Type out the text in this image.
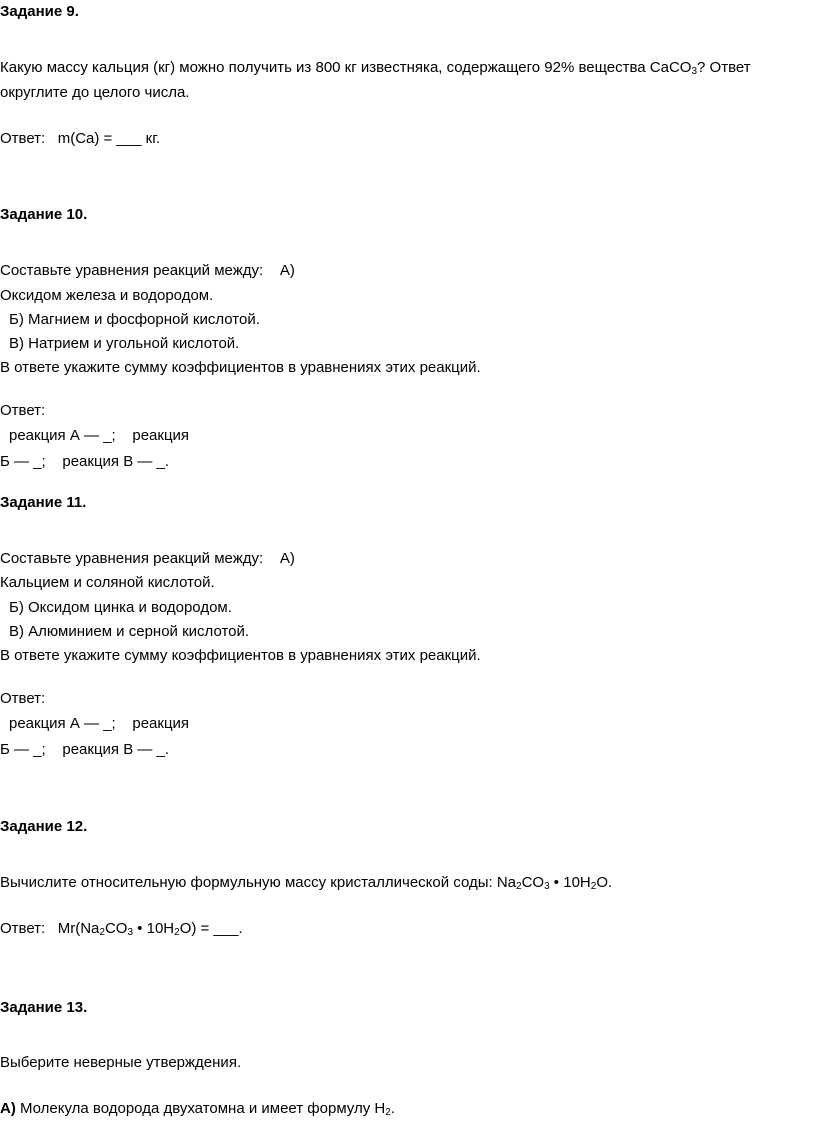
Задание 9.
Какую массу кальция (кг) можно получить из 800 кг известняка, содержащего 92% вещества CaCO$_3$? Ответ
округлите до целого числа.
Ответ:   m(Ca) = ___ кг.
Задание 10.
Составьте уравнения реакций между:    А)
Оксидом железа и водородом.
Б) Магнием и фосфорной кислотой.
В) Натрием и угольной кислотой.
В ответе укажите сумму коэффициентов в уравнениях этих реакций.
Ответ:
реакция А — _;    реакция
Б — _;    реакция В — _.
Задание 11.
Составьте уравнения реакций между:    А)
Кальцием и соляной кислотой.
Б) Оксидом цинка и водородом.
В) Алюминием и серной кислотой.
В ответе укажите сумму коэффициентов в уравнениях этих реакций.
Ответ:
реакция А — _;    реакция
Б — _;    реакция В — _.
Задание 12.
Вычислите относительную формульную массу кристаллической соды: $Na_2CO_3$ • $10H_2O$.
Ответ:   $Mr(Na_2CO_3$ • $10H_2O$) = ___.
Задание 13.
Выберите неверные утверждения.
А) Молекула водорода двухатомна и имеет формулу $H_2$.
